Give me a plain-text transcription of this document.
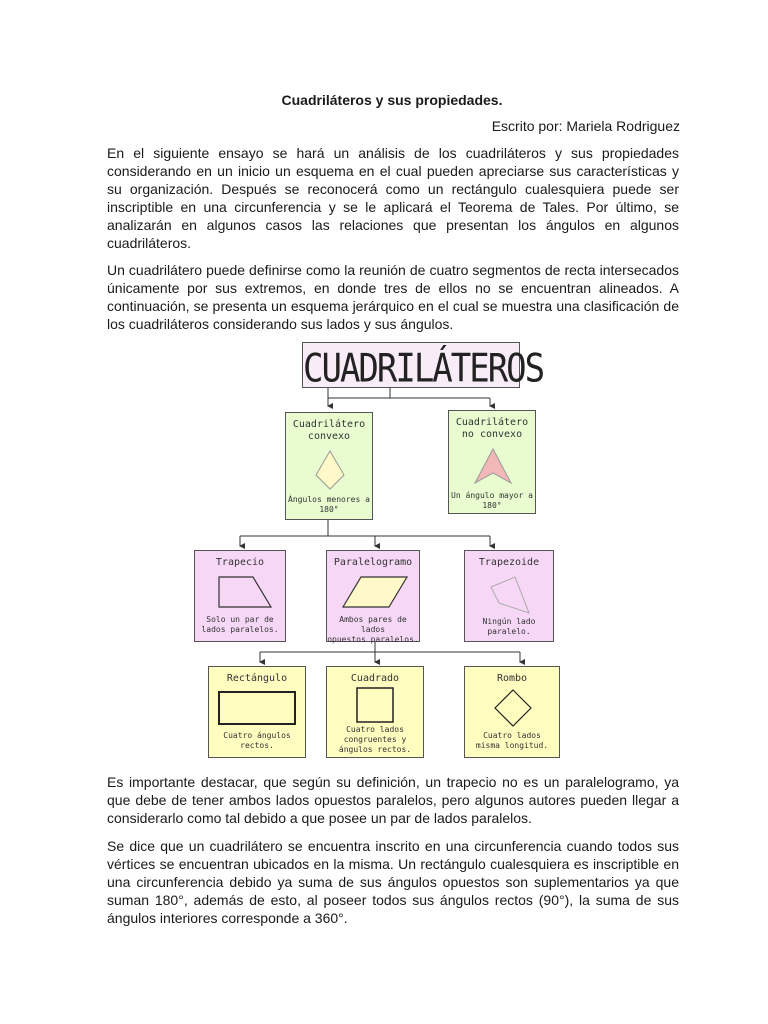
Cuadriláteros y sus propiedades.
Escrito por: Mariela Rodriguez

En el siguiente ensayo se hará un análisis de los cuadriláteros y sus propiedades considerando en un inicio un esquema en el cual pueden apreciarse sus características y su organización. Después se reconocerá como un rectángulo cualesquiera puede ser inscriptible en una circunferencia y se le aplicará el Teorema de Tales. Por último, se analizarán en algunos casos las relaciones que presentan los ángulos en algunos cuadriláteros.

Un cuadrilátero puede definirse como la reunión de cuatro segmentos de recta intersecados únicamente por sus extremos, en donde tres de ellos no se encuentran alineados. A continuación, se presenta un esquema jerárquico en el cual se muestra una clasificación de los cuadriláteros considerando sus lados y sus ángulos.

CUADRILÁTEROS
Cuadrilátero
convexo
Ángulos menores a
180°
Cuadrilátero
no convexo
Un ángulo mayor a
180°
Trapecio
Solo un par de
lados paralelos.
Paralelogramo
Ambos pares de lados
opuestos paralelos.
Trapezoide
Ningún lado
paralelo.
Rectángulo
Cuatro ángulos
rectos.
Cuadrado
Cuatro lados
congruentes y
ángulos rectos.
Rombo
Cuatro lados
misma longitud.

Es importante destacar, que según su definición, un trapecio no es un paralelogramo, ya que debe de tener ambos lados opuestos paralelos, pero algunos autores pueden llegar a considerarlo como tal debido a que posee un par de lados paralelos.

Se dice que un cuadrilátero se encuentra inscrito en una circunferencia cuando todos sus vértices se encuentran ubicados en la misma. Un rectángulo cualesquiera es inscriptible en una circunferencia debido ya suma de sus ángulos opuestos son suplementarios ya que suman 180°, además de esto, al poseer todos sus ángulos rectos (90°), la suma de sus ángulos interiores corresponde a 360°.
